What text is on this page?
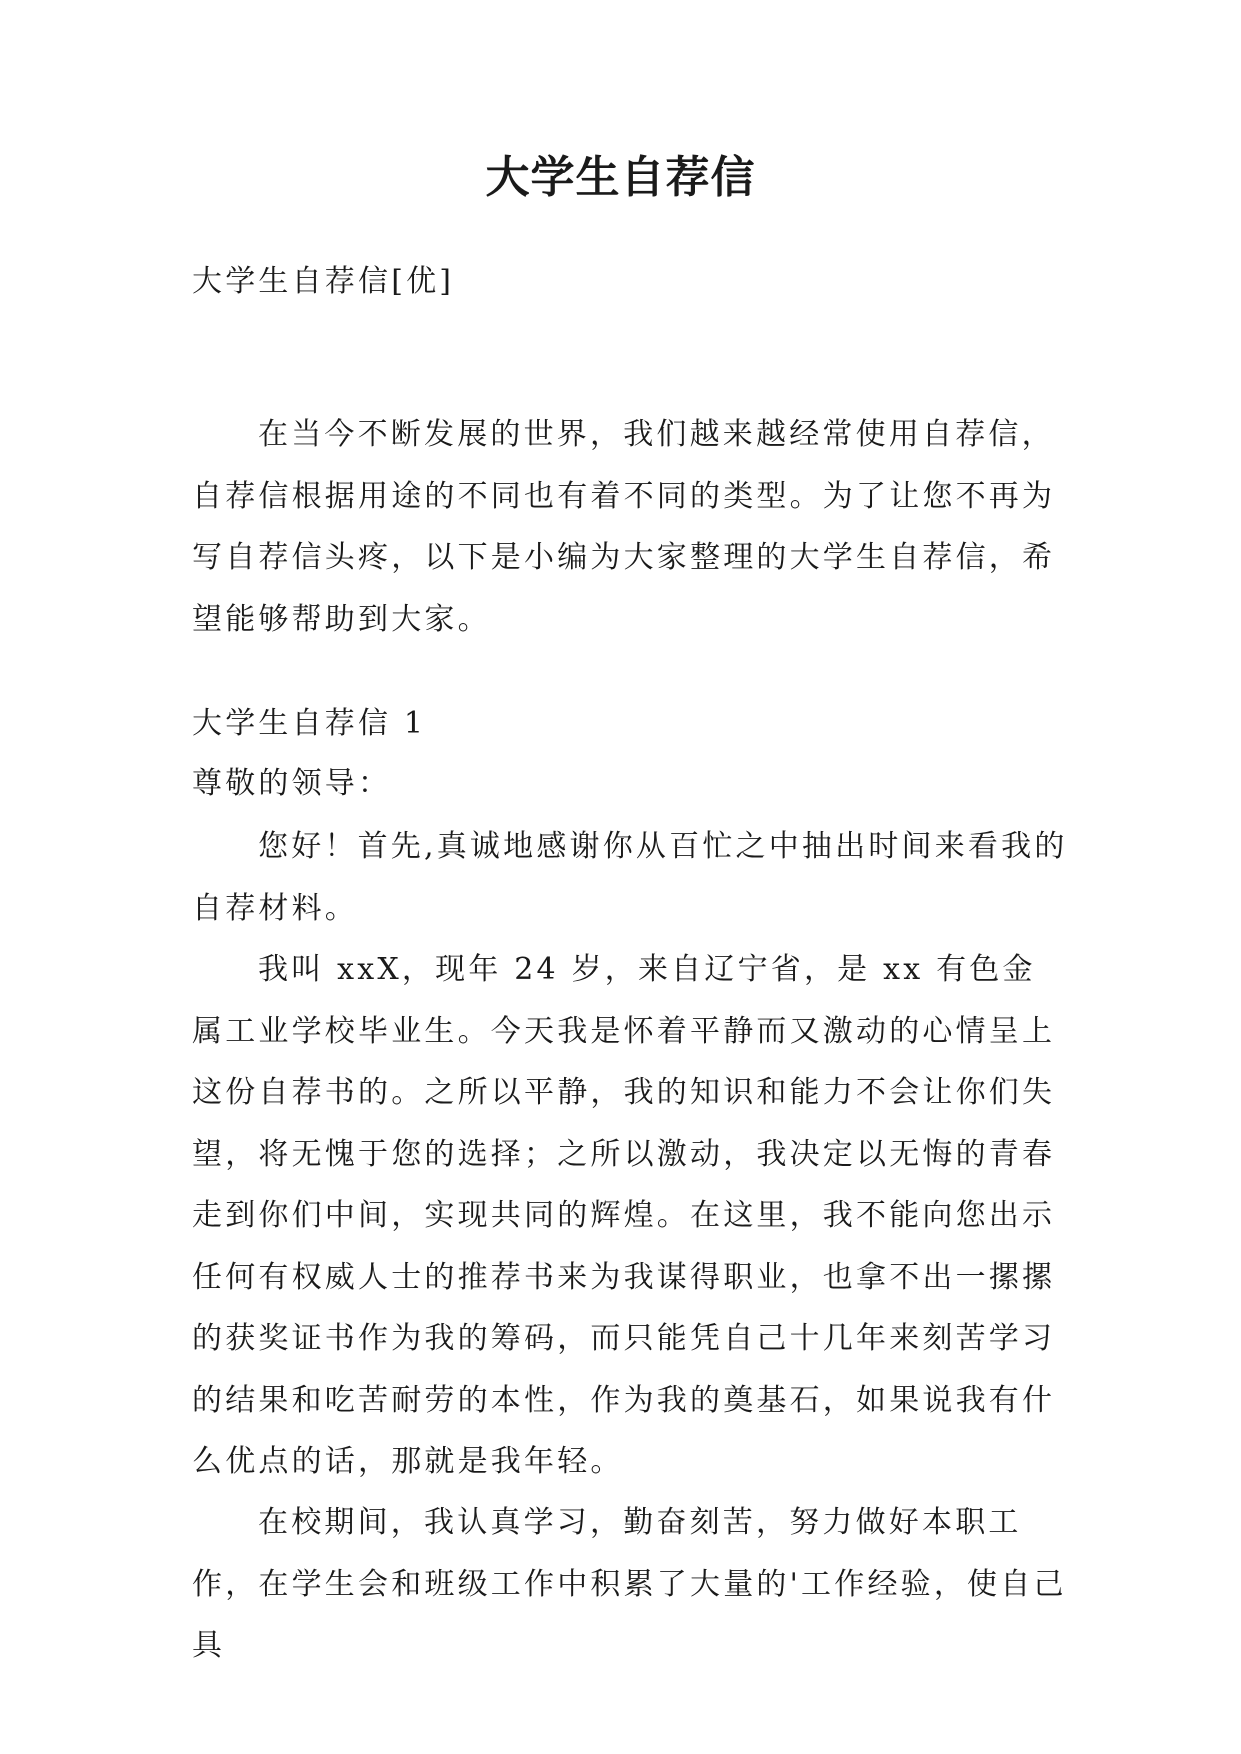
大学生自荐信
大学生自荐信[优]

在当今不断发展的世界，我们越来越经常使用自荐信，自荐信根据用途的不同也有着不同的类型。为了让您不再为写自荐信头疼，以下是小编为大家整理的大学生自荐信，希望能够帮助到大家。

大学生自荐信 1
尊敬的领导：

您好！首先,真诚地感谢你从百忙之中抽出时间来看我的自荐材料。

我叫 xxX，现年 24 岁，来自辽宁省，是 xx 有色金属工业学校毕业生。今天我是怀着平静而又激动的心情呈上这份自荐书的。之所以平静，我的知识和能力不会让你们失望，将无愧于您的选择；之所以激动，我决定以无悔的青春走到你们中间，实现共同的辉煌。在这里，我不能向您出示任何有权威人士的推荐书来为我谋得职业，也拿不出一摞摞的获奖证书作为我的筹码，而只能凭自己十几年来刻苦学习的结果和吃苦耐劳的本性，作为我的奠基石，如果说我有什么优点的话，那就是我年轻。

在校期间，我认真学习，勤奋刻苦，努力做好本职工作，在学生会和班级工作中积累了大量的'工作经验，使自己具
